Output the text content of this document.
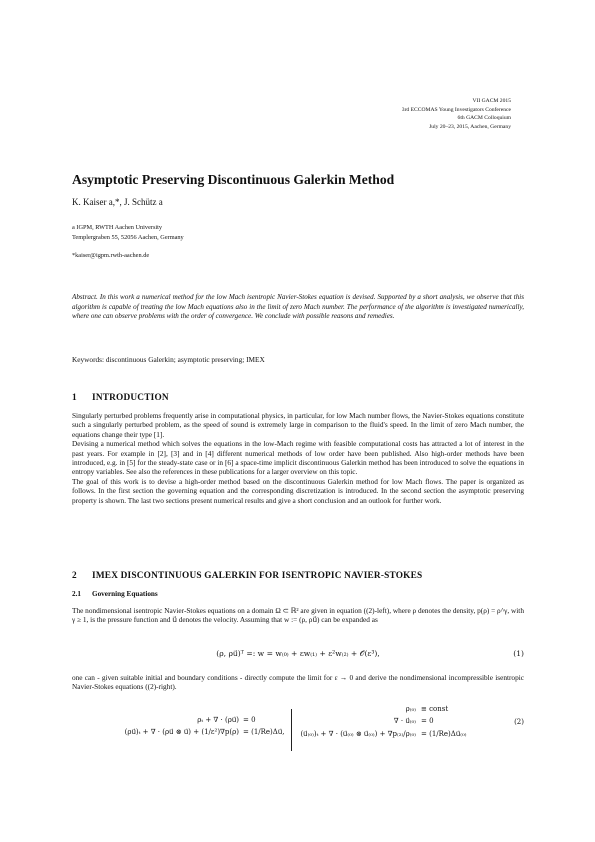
VII GACM 2015
3rd ECCOMAS Young Investigators Conference
6th GACM Colloquium
July 20–23, 2015, Aachen, Germany
Asymptotic Preserving Discontinuous Galerkin Method
K. Kaiser a,*, J. Schütz a
a IGPM, RWTH Aachen University
Templergraben 55, 52056 Aachen, Germany
*kaiser@igpm.rwth-aachen.de
Abstract. In this work a numerical method for the low Mach isentropic Navier-Stokes equation is devised. Supported by a short analysis, we observe that this algorithm is capable of treating the low Mach equations also in the limit of zero Mach number. The performance of the algorithm is investigated numerically, where one can observe problems with the order of convergence. We conclude with possible reasons and remedies.
Keywords: discontinuous Galerkin; asymptotic preserving; IMEX
1 INTRODUCTION

Singularly perturbed problems frequently arise in computational physics, in particular, for low Mach number flows, the Navier-Stokes equations constitute such a singularly perturbed problem, as the speed of sound is extremely large in comparison to the fluid's speed. In the limit of zero Mach number, the equations change their type [1].

Devising a numerical method which solves the equations in the low-Mach regime with feasible computational costs has attracted a lot of interest in the past years. For example in [2], [3] and in [4] different numerical methods of low order have been published. Also high-order methods have been introduced, e.g. in [5] for the steady-state case or in [6] a space-time implicit discontinuous Galerkin method has been introduced to solve the equations in entropy variables. See also the references in these publications for a larger overview on this topic.

The goal of this work is to devise a high-order method based on the discontinuous Galerkin method for low Mach flows. The paper is organized as follows. In the first section the governing equation and the corresponding discretization is introduced. In the second section the asymptotic preserving property is shown. The last two sections present numerical results and give a short conclusion and an outlook for further work.

2 IMEX DISCONTINUOUS GALERKIN FOR ISENTROPIC NAVIER-STOKES
2.1 Governing Equations

The nondimensional isentropic Navier-Stokes equations on a domain Ω ⊂ ℝ² are given in equation ((2)-left), where ρ denotes the density, p(ρ) = ρ^γ, with γ ≥ 1, is the pressure function and u⃗ denotes the velocity. Assuming that w := (ρ, ρu⃗) can be expanded as

(ρ, ρu⃗)ᵀ =: w = w₍₀₎ + εw₍₁₎ + ε²w₍₂₎ + 𝒪(ε³),	(1)

one can - given suitable initial and boundary conditions - directly compute the limit for ε → 0 and derive the nondimensional incompressible isentropic Navier-Stokes equations ((2)-right).

ρₜ + ∇ · (ρu⃗) = 0
(ρu⃗)ₜ + ∇ · (ρu⃗ ⊗ u⃗) + (1/ε²)∇p(ρ) = (1/Re)Δu⃗,
ρ₍₀₎ ≡ const
∇ · u⃗₍₀₎ = 0
(u⃗₍₀₎)ₜ + ∇ · (u⃗₍₀₎ ⊗ u⃗₍₀₎) + ∇p₍₂₎/ρ₍₀₎ = (1/Re)Δu⃗₍₀₎
(2)
